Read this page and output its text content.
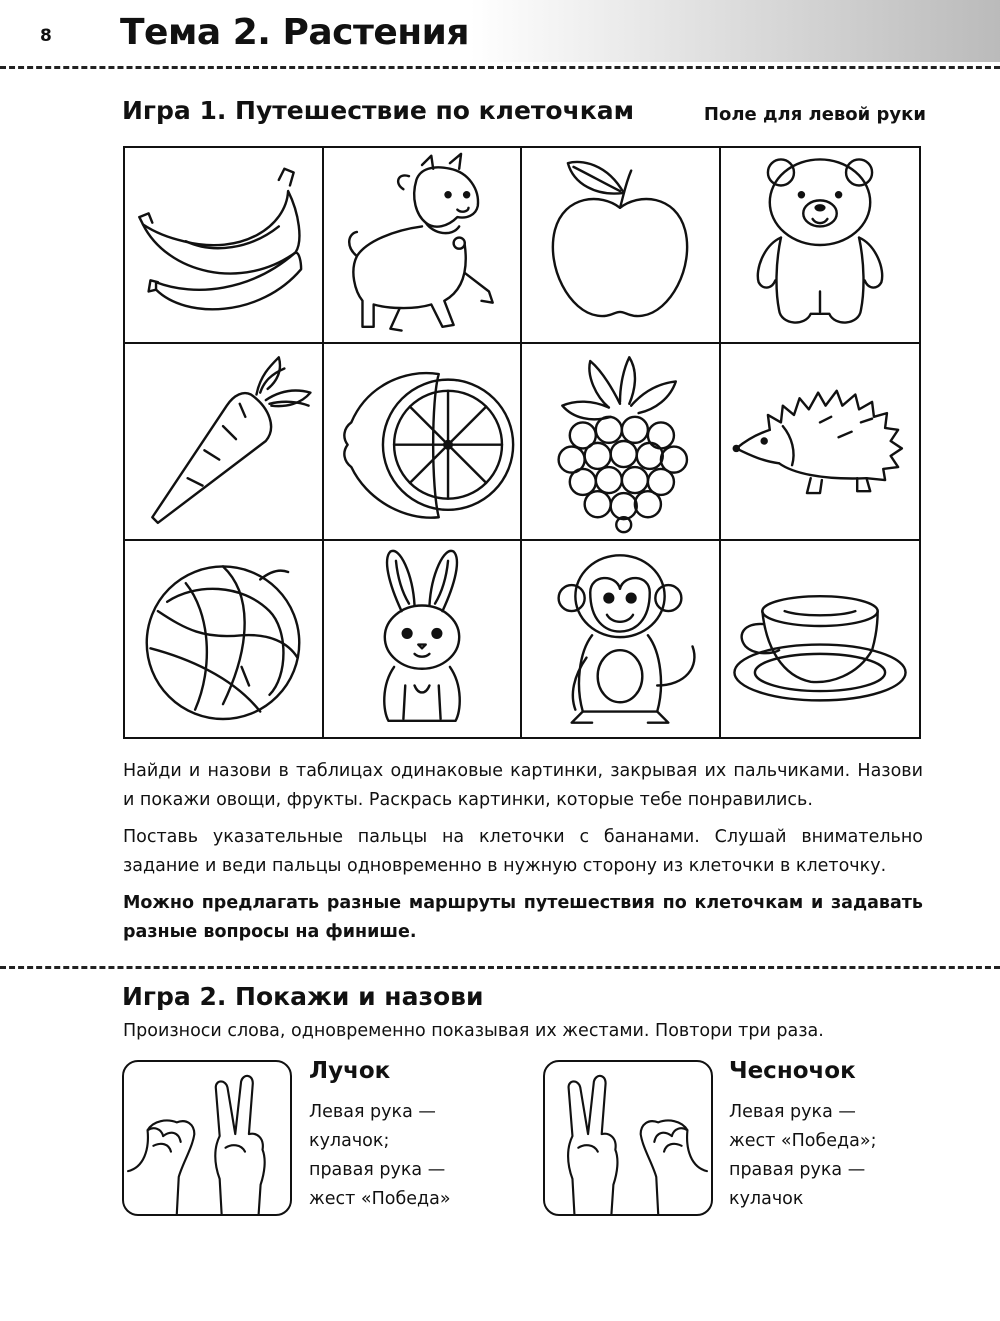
8 Тема 2. Растения
Игра 1. Путешествие по клеточкам	Поле для левой руки
Найди и назови в таблицах одинаковые картинки, закрывая их пальчиками. Назови и покажи овощи, фрукты. Раскрась картинки, которые тебе понравились.
Поставь указательные пальцы на клеточки с бананами. Слушай внимательно задание и веди пальцы одновременно в нужную сторону из клеточки в клеточку.
Можно предлагать разные маршруты путешествия по клеточкам и задавать разные вопросы на финише.
Игра 2. Покажи и назови
Произноси слова, одновременно показывая их жестами. Повтори три раза.
Лучок
Левая рука —
кулачок;
правая рука —
жест «Победа»
Чесночок
Левая рука —
жест «Победа»;
правая рука —
кулачок
